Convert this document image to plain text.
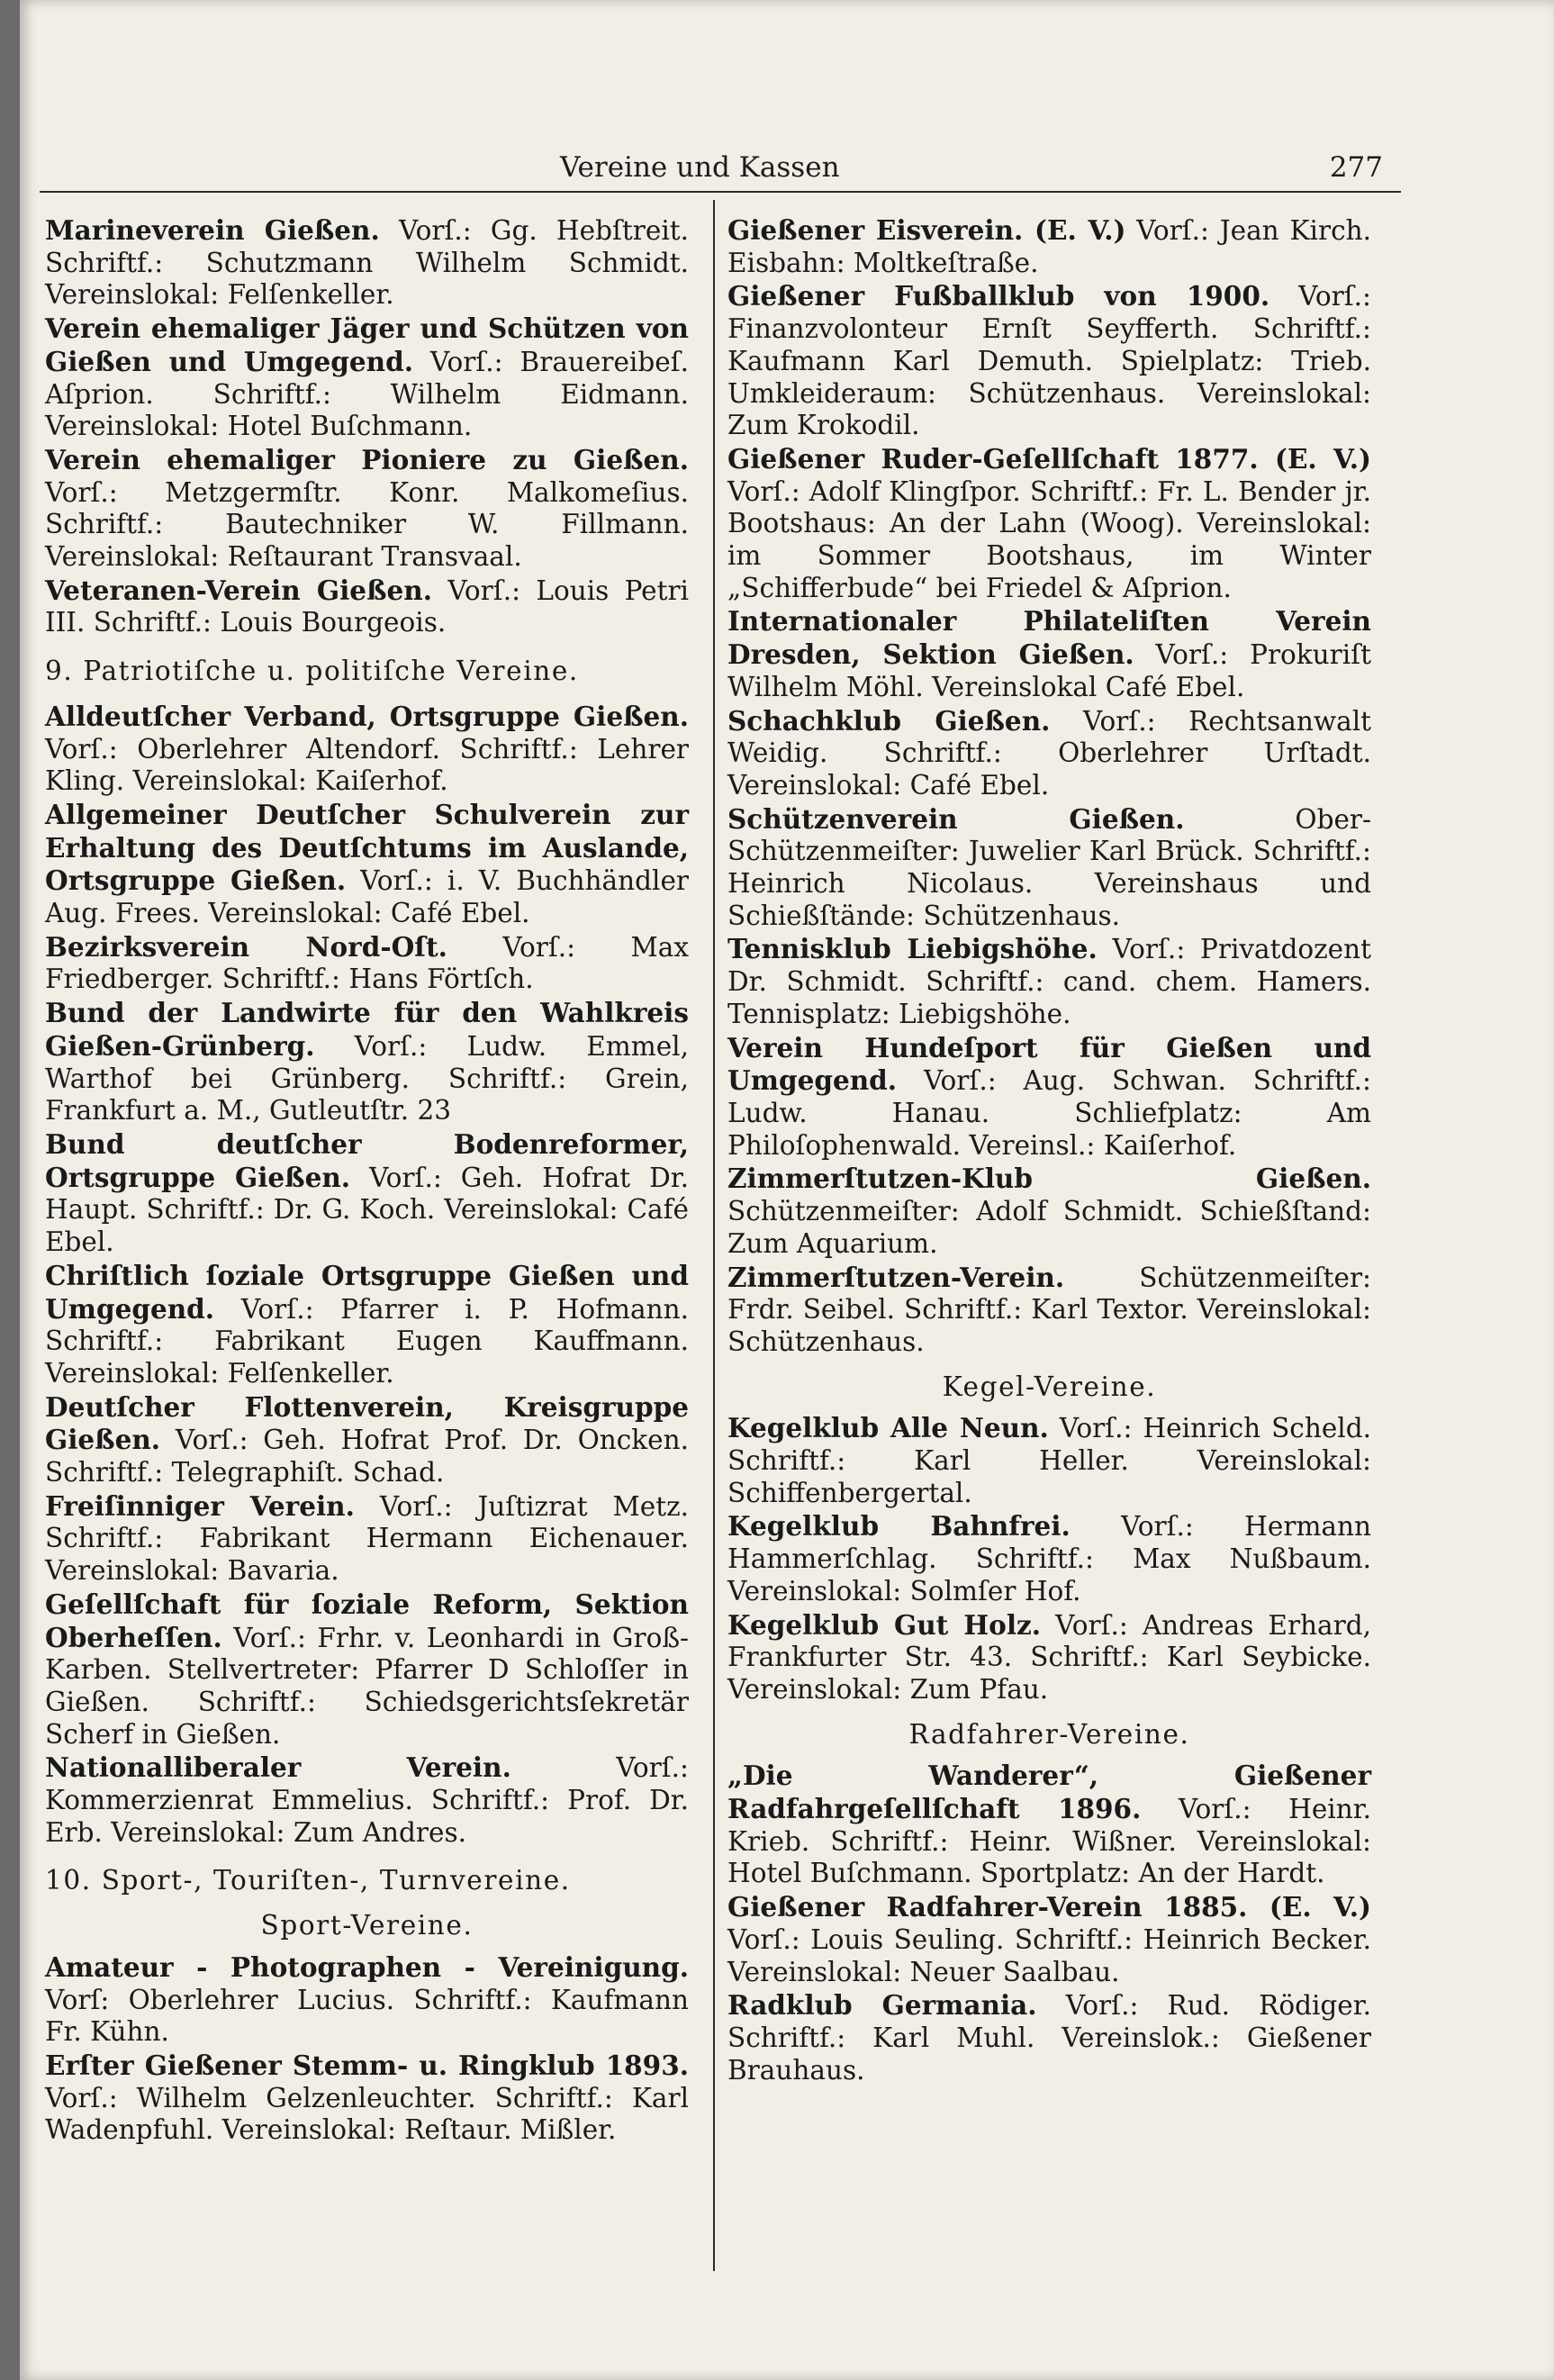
Vereine und Kassen	277
Marineverein Gießen. Vorſ.: Gg. Hebſtreit. Schriftf.: Schutzmann Wilhelm Schmidt. Vereinslokal: Felſenkeller.
Verein ehemaliger Jäger und Schützen von Gießen und Umgegend. Vorſ.: Brauereibeſ. Aſprion. Schriftf.: Wilhelm Eidmann. Vereinslokal: Hotel Buſchmann.
Verein ehemaliger Pioniere zu Gießen. Vorſ.: Metzgermſtr. Konr. Malkomeſius. Schriftf.: Bautechniker W. Fillmann. Vereinslokal: Reſtaurant Transvaal.
Veteranen-Verein Gießen. Vorſ.: Louis Petri III. Schriftf.: Louis Bourgeois.
9. Patriotiſche u. politiſche Vereine.
Alldeutſcher Verband, Ortsgruppe Gießen. Vorſ.: Oberlehrer Altendorf. Schriftf.: Lehrer Kling. Vereinslokal: Kaiſerhof.
Allgemeiner Deutſcher Schulverein zur Erhaltung des Deutſchtums im Auslande, Ortsgruppe Gießen. Vorſ.: i. V. Buchhändler Aug. Frees. Vereinslokal: Café Ebel.
Bezirksverein Nord-Oſt. Vorſ.: Max Friedberger. Schriftf.: Hans Förtſch.
Bund der Landwirte für den Wahlkreis Gießen-Grünberg. Vorſ.: Ludw. Emmel, Warthof bei Grünberg. Schriftf.: Grein, Frankfurt a. M., Gutleutſtr. 23
Bund deutſcher Bodenreformer, Ortsgruppe Gießen. Vorſ.: Geh. Hofrat Dr. Haupt. Schriftf.: Dr. G. Koch. Vereinslokal: Café Ebel.
Chriſtlich ſoziale Ortsgruppe Gießen und Umgegend. Vorſ.: Pfarrer i. P. Hofmann. Schriftf.: Fabrikant Eugen Kauffmann. Vereinslokal: Felſenkeller.
Deutſcher Flottenverein, Kreisgruppe Gießen. Vorſ.: Geh. Hofrat Prof. Dr. Oncken. Schriftf.: Telegraphiſt. Schad.
Freiſinniger Verein. Vorſ.: Juſtizrat Metz. Schriftf.: Fabrikant Hermann Eichenauer. Vereinslokal: Bavaria.
Geſellſchaft für ſoziale Reform, Sektion Oberheſſen. Vorſ.: Frhr. v. Leonhardi in Groß-Karben. Stellvertreter: Pfarrer D Schloſſer in Gießen. Schriftf.: Schiedsgerichtsſekretär Scherf in Gießen.
Nationalliberaler Verein. Vorſ.: Kommerzienrat Emmelius. Schriftf.: Prof. Dr. Erb. Vereinslokal: Zum Andres.
10. Sport-, Touriſten-, Turnvereine.
Sport-Vereine.
Amateur - Photographen - Vereinigung. Vorſ: Oberlehrer Lucius. Schriftf.: Kaufmann Fr. Kühn.
Erſter Gießener Stemm- u. Ringklub 1893. Vorſ.: Wilhelm Gelzenleuchter. Schriftf.: Karl Wadenpfuhl. Vereinslokal: Reſtaur. Mißler.
Gießener Eisverein. (E. V.) Vorſ.: Jean Kirch. Eisbahn: Moltkeſtraße.
Gießener Fußballklub von 1900. Vorſ.: Finanzvolonteur Ernſt Seyfferth. Schriftf.: Kaufmann Karl Demuth. Spielplatz: Trieb. Umkleideraum: Schützenhaus. Vereinslokal: Zum Krokodil.
Gießener Ruder-Geſellſchaft 1877. (E. V.) Vorſ.: Adolf Klingſpor. Schriftf.: Fr. L. Bender jr. Bootshaus: An der Lahn (Woog). Vereinslokal: im Sommer Bootshaus, im Winter „Schifferbude“ bei Friedel & Aſprion.
Internationaler Philateliſten Verein Dresden, Sektion Gießen. Vorſ.: Prokuriſt Wilhelm Möhl. Vereinslokal Café Ebel.
Schachklub Gießen. Vorſ.: Rechtsanwalt Weidig. Schriftf.: Oberlehrer Urſtadt. Vereinslokal: Café Ebel.
Schützenverein Gießen. Ober-Schützenmeiſter: Juwelier Karl Brück. Schriftf.: Heinrich Nicolaus. Vereinshaus und Schießſtände: Schützenhaus.
Tennisklub Liebigshöhe. Vorſ.: Privatdozent Dr. Schmidt. Schriftf.: cand. chem. Hamers. Tennisplatz: Liebigshöhe.
Verein Hundeſport für Gießen und Umgegend. Vorſ.: Aug. Schwan. Schriftf.: Ludw. Hanau. Schliefplatz: Am Philoſophenwald. Vereinsl.: Kaiſerhof.
Zimmerſtutzen-Klub Gießen. Schützenmeiſter: Adolf Schmidt. Schießſtand: Zum Aquarium.
Zimmerſtutzen-Verein. Schützenmeiſter: Frdr. Seibel. Schriftf.: Karl Textor. Vereinslokal: Schützenhaus.
Kegel-Vereine.
Kegelklub Alle Neun. Vorſ.: Heinrich Scheld. Schriftf.: Karl Heller. Vereinslokal: Schiffenbergertal.
Kegelklub Bahnfrei. Vorſ.: Hermann Hammerſchlag. Schriftf.: Max Nußbaum. Vereinslokal: Solmſer Hof.
Kegelklub Gut Holz. Vorſ.: Andreas Erhard, Frankfurter Str. 43. Schriftf.: Karl Seybicke. Vereinslokal: Zum Pfau.
Radfahrer-Vereine.
„Die Wanderer“, Gießener Radfahrgeſellſchaft 1896. Vorſ.: Heinr. Krieb. Schriftf.: Heinr. Wißner. Vereinslokal: Hotel Buſchmann. Sportplatz: An der Hardt.
Gießener Radfahrer-Verein 1885. (E. V.) Vorſ.: Louis Seuling. Schriftf.: Heinrich Becker. Vereinslokal: Neuer Saalbau.
Radklub Germania. Vorſ.: Rud. Rödiger. Schriftf.: Karl Muhl. Vereinslok.: Gießener Brauhaus.
